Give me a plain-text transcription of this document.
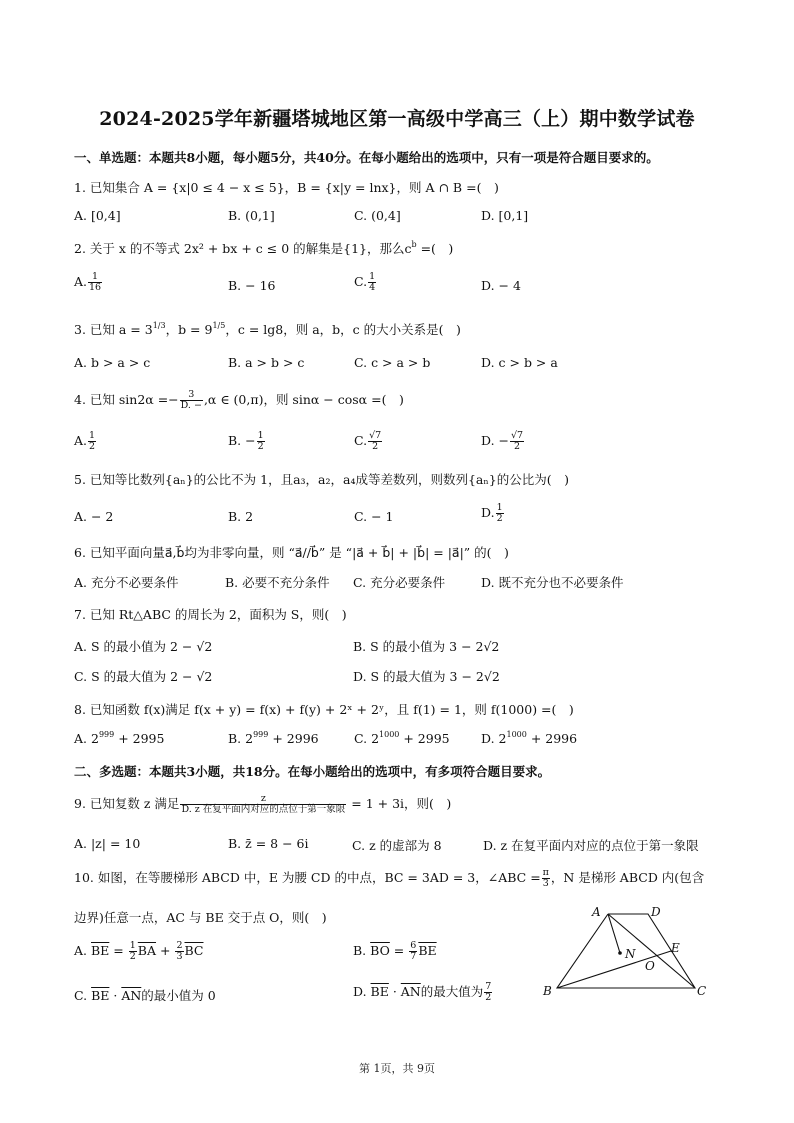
2024-2025学年新疆塔城地区第一高级中学高三（上）期中数学试卷
一、单选题：本题共8小题，每小题5分，共40分。在每小题给出的选项中，只有一项是符合题目要求的。
1. 已知集合 A = {x|0 ≤ 4 − x ≤ 5}，B = {x|y = lnx}，则 A ∩ B =(　)
A. [0,4]	B. (0,1]	C. (0,4]	D. [0,1]
2. 关于 x 的不等式 2x² + bx + c ≤ 0 的解集是{1}，那么$c^b$ =(　)
A. $\frac{1}{16}$	B. − 16	C. $\frac{1}{4}$	D. − 4
3. 已知 $a = 3^{1/3}$，$b = 9^{1/5}$，c = lg8，则 a，b，c 的大小关系是(　)
A. b > a > c	B. a > b > c	C. c > a > b	D. c > b > a
4. 已知 $\sin 2\alpha =- \frac{3}{D. -} ,\alpha$ ∈ (0,π)，则 sinα − cosα =(　)
A. $\frac{1}{2}$	B. − $\frac{1}{2}$	C. $\frac{√7}{2}$	D. − $\frac{√7}{2}$
5. 已知等比数列{aₙ}的公比不为 1，且a₃，a₂，a₄成等差数列，则数列{aₙ}的公比为(　)
A. − 2	B. 2	C. − 1	D. $\frac{1}{2}$
6. 已知平面向量a⃗,b⃗均为非零向量，则 “a⃗//b⃗” 是 “|a⃗ + b⃗| + |b⃗| = |a⃗|” 的(　)
A. 充分不必要条件	B. 必要不充分条件 C. 充分必要条件	D. 既不充分也不必要条件
7. 已知 Rt△ABC 的周长为 2，面积为 S，则(　)
A. S 的最小值为 2 − √2	B. S 的最小值为 3 − 2√2
C. S 的最大值为 2 − √2	D. S 的最大值为 3 − 2√2
8. 已知函数 f(x)满足 f(x + y) = f(x) + f(y) + 2ˣ + 2ʸ，且 f(1) = 1，则 f(1000) =(　)
A. $2^{999} + 2995$	B. $2^{999} + 2996$	C. $2^{1000} + 2995$	D. $2^{1000} + 2996$
二、多选题：本题共3小题，共18分。在每小题给出的选项中，有多项符合题目要求。
9. 已知复数 z 满足 $\frac{z}{\text{D. z 在复平面内对应的点位于第一象限}} = 1 + 3i$，则(　)
A. |z| = 10	B. z̄ = 8 − 6i	C. z 的虚部为 8	D. z 在复平面内对应的点位于第一象限
10. 如图，在等腰梯形 ABCD 中，E 为腰 CD 的中点，BC = 3AD = 3，∠ABC = $\frac{\pi}{3}$ ，N 是梯形 ABCD 内(包含
边界)任意一点，AC 与 BE 交于点 O，则(　)
A. $\overline{BE} = \frac{1}{2} \overline{BA} + \frac{2}{3} \overline{BC}$	B. $\overline{BO} = \frac{6}{7} \overline{BE}$
C. $\overline{BE} \cdot \overline{AN}$的最小值为 0	D. $\overline{BE} \cdot \overline{AN}$的最大值为 $\frac{7}{2}$
A	D
N	E
O
B	C
第 1页，共 9页
